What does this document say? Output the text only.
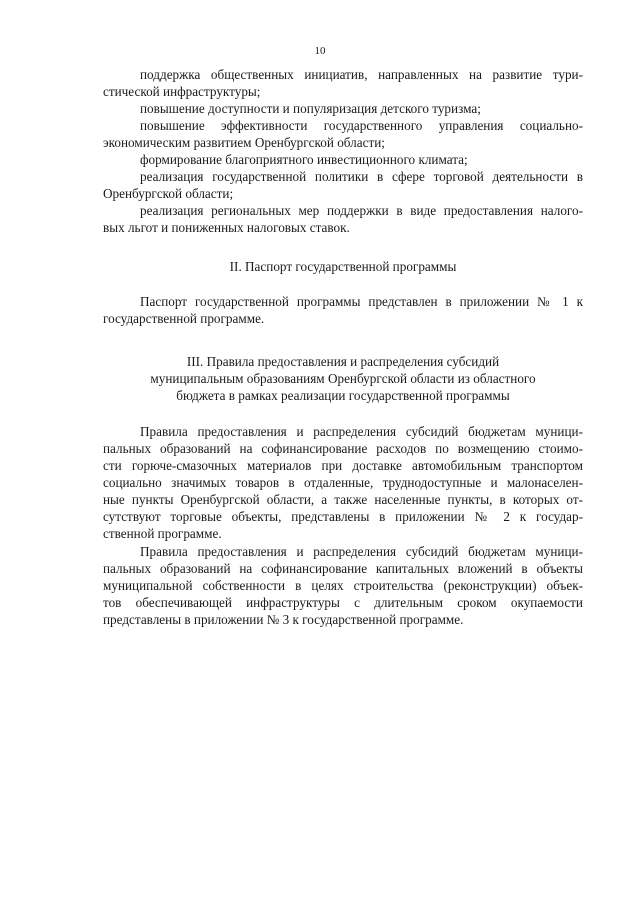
10
поддержка общественных инициатив, направленных на развитие тури-
стической инфраструктуры;
повышение доступности и популяризация детского туризма;
повышение эффективности государственного управления социально-
экономическим развитием Оренбургской области;
формирование благоприятного инвестиционного климата;
реализация государственной политики в сфере торговой деятельности в
Оренбургской области;
реализация региональных мер поддержки в виде предоставления налого-
вых льгот и пониженных налоговых ставок.
II. Паспорт государственной программы
Паспорт государственной программы представлен в приложении № 1 к
государственной программе.
III. Правила предоставления и распределения субсидий
муниципальным образованиям Оренбургской области из областного
бюджета в рамках реализации государственной программы
Правила предоставления и распределения субсидий бюджетам муници-
пальных образований на софинансирование расходов по возмещению стоимо-
сти горюче-смазочных материалов при доставке автомобильным транспортом
социально значимых товаров в отдаленные, труднодоступные и малонаселен-
ные пункты Оренбургской области, а также населенные пункты, в которых от-
сутствуют торговые объекты, представлены в приложении № 2 к государ-
ственной программе.
Правила предоставления и распределения субсидий бюджетам муници-
пальных образований на софинансирование капитальных вложений в объекты
муниципальной собственности в целях строительства (реконструкции) объек-
тов обеспечивающей инфраструктуры с длительным сроком окупаемости
представлены в приложении № 3 к государственной программе.
